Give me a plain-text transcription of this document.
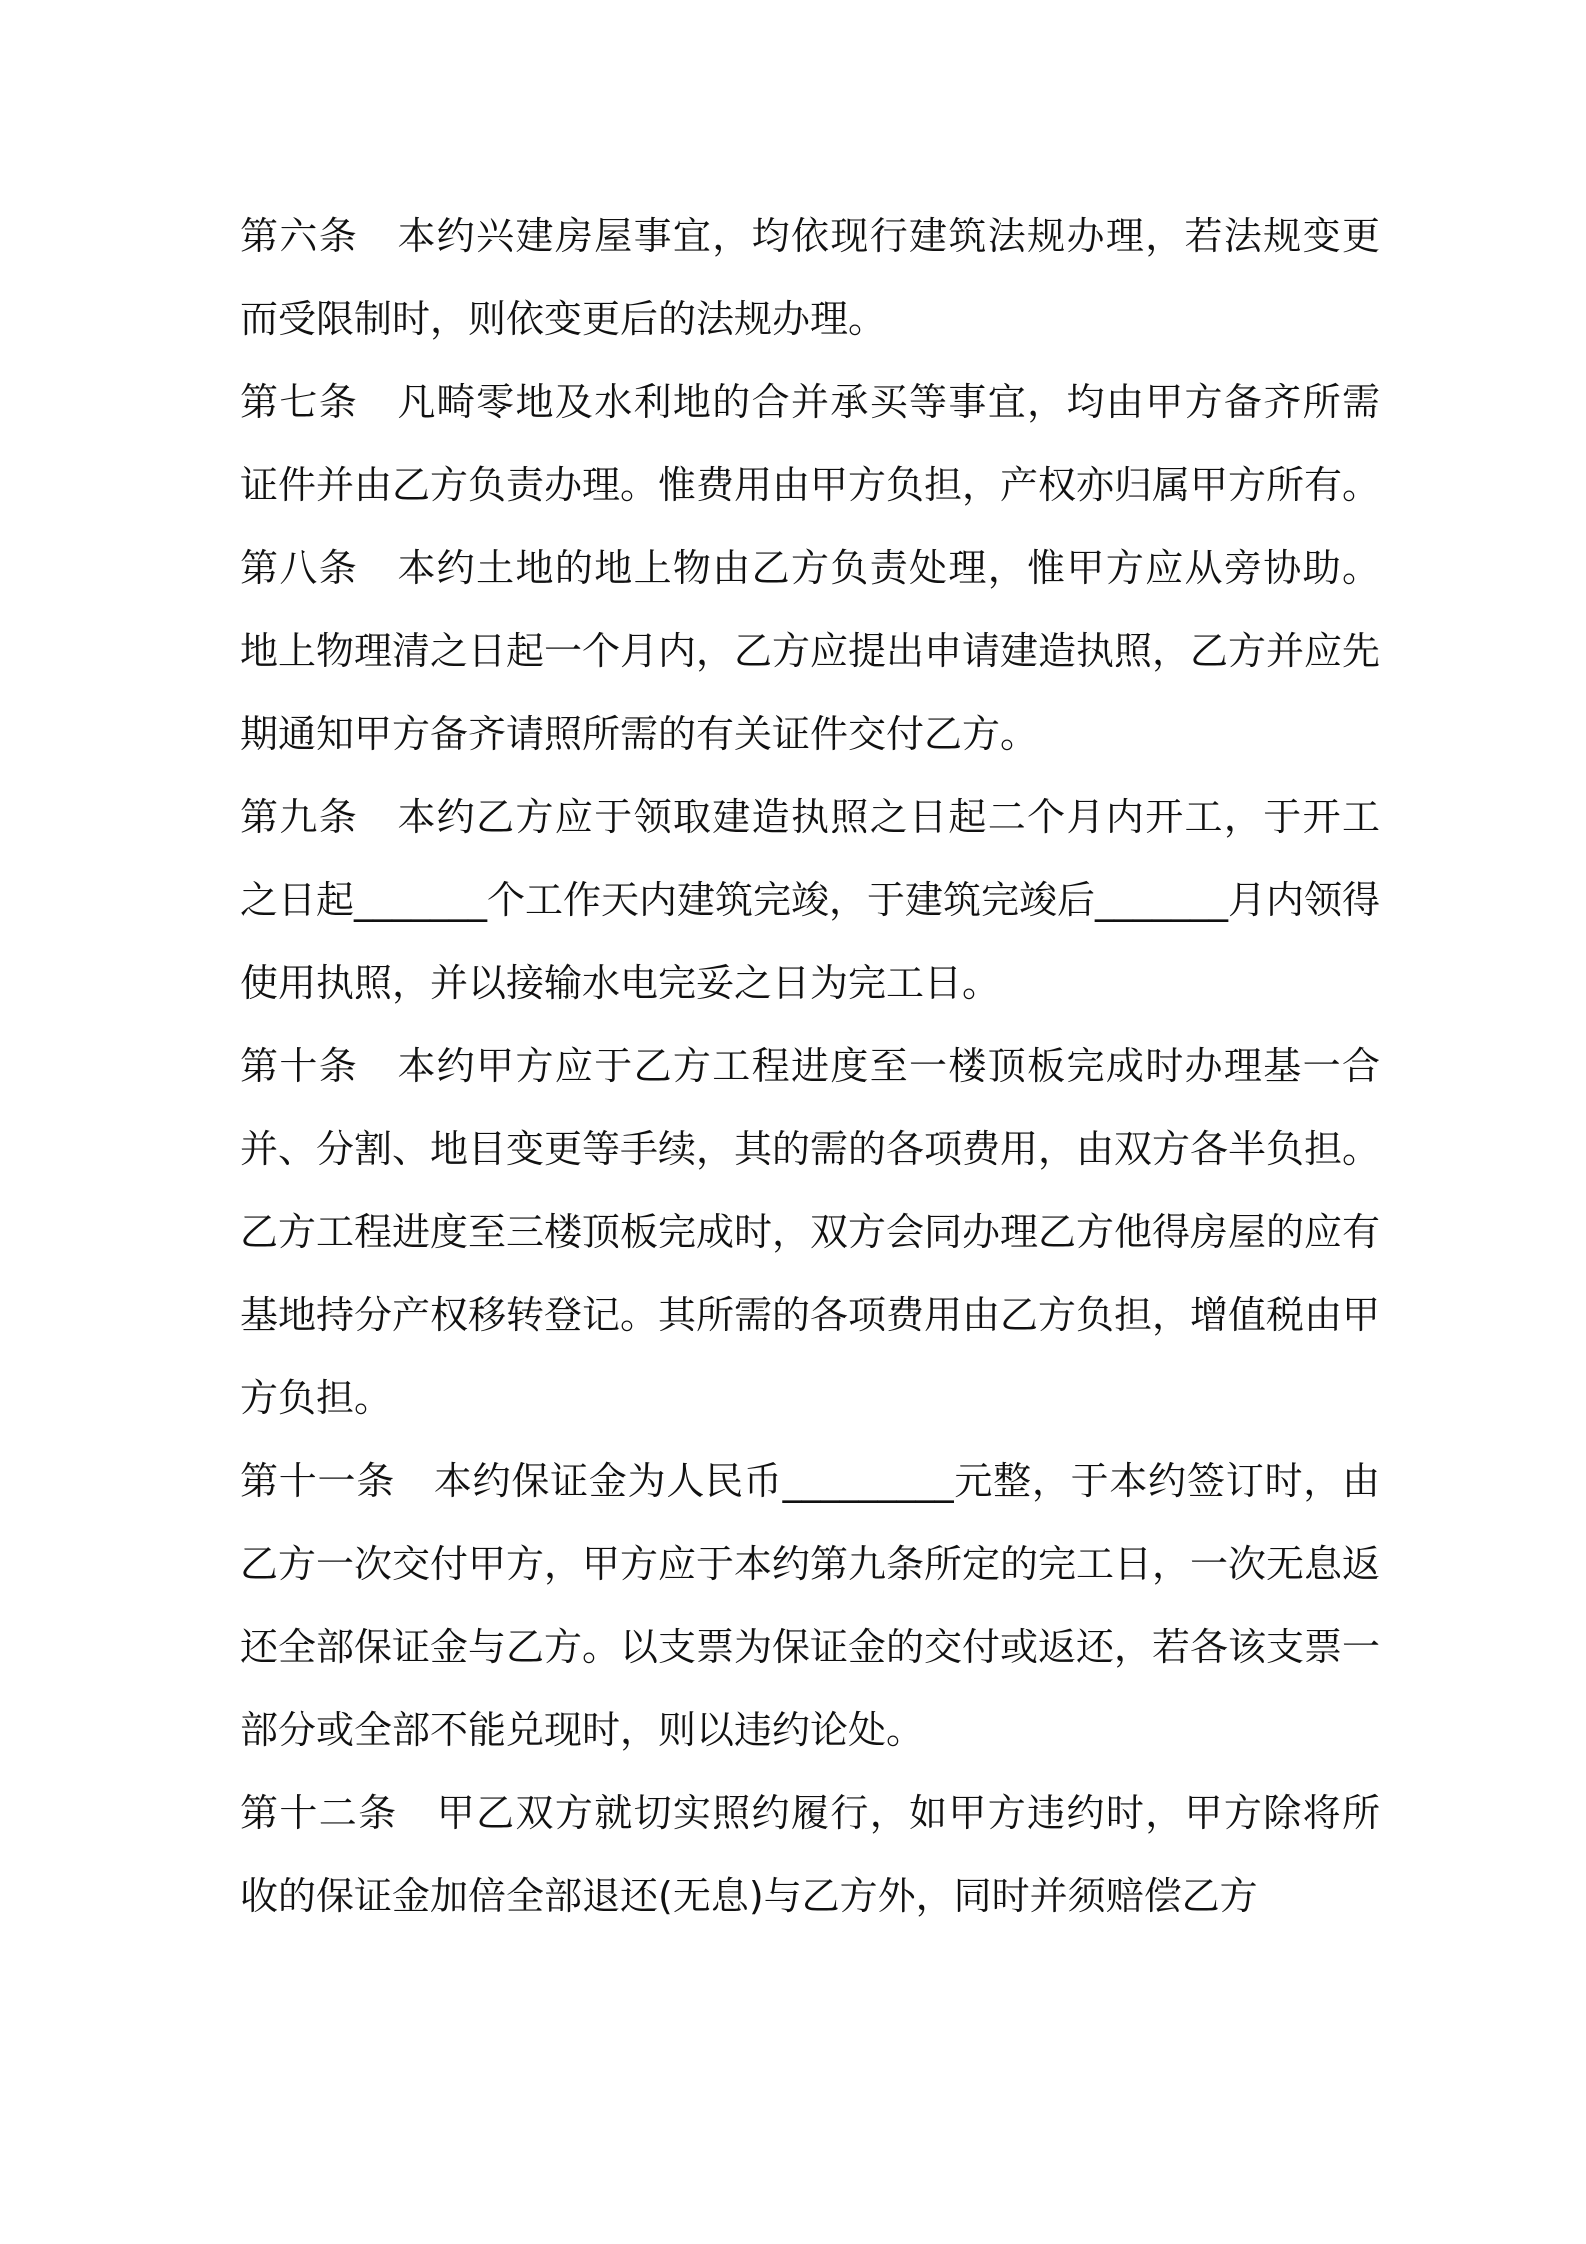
第六条　 本约兴建房屋事宜，均依现行建筑法规办理，若法规变更而受限制时，则依变更后的法规办理。

第七条　 凡畸零地及水利地的合并承买等事宜，均由甲方备齐所需证件并由乙方负责办理。惟费用由甲方负担，产权亦归属甲方所有。

第八条　 本约土地的地上物由乙方负责处理，惟甲方应从旁协助。地上物理清之日起一个月内，乙方应提出申请建造执照，乙方并应先期通知甲方备齐请照所需的有关证件交付乙方。

第九条　 本约乙方应于领取建造执照之日起二个月内开工，于开工之日起_______个工作天内建筑完竣，于建筑完竣后_______月内领得使用执照，并以接输水电完妥之日为完工日。

第十条　 本约甲方应于乙方工程进度至一楼顶板完成时办理基一合并、分割、地目变更等手续，其的需的各项费用，由双方各半负担。乙方工程进度至三楼顶板完成时，双方会同办理乙方他得房屋的应有基地持分产权移转登记。其所需的各项费用由乙方负担，增值税由甲方负担。

第十一条　 本约保证金为人民币_________元整，于本约签订时，由乙方一次交付甲方，甲方应于本约第九条所定的完工日，一次无息返还全部保证金与乙方。以支票为保证金的交付或返还，若各该支票一部分或全部不能兑现时，则以违约论处。

第十二条　 甲乙双方就切实照约履行，如甲方违约时，甲方除将所收的保证金加倍全部退还(无息)与乙方外，同时并须赔偿乙方
